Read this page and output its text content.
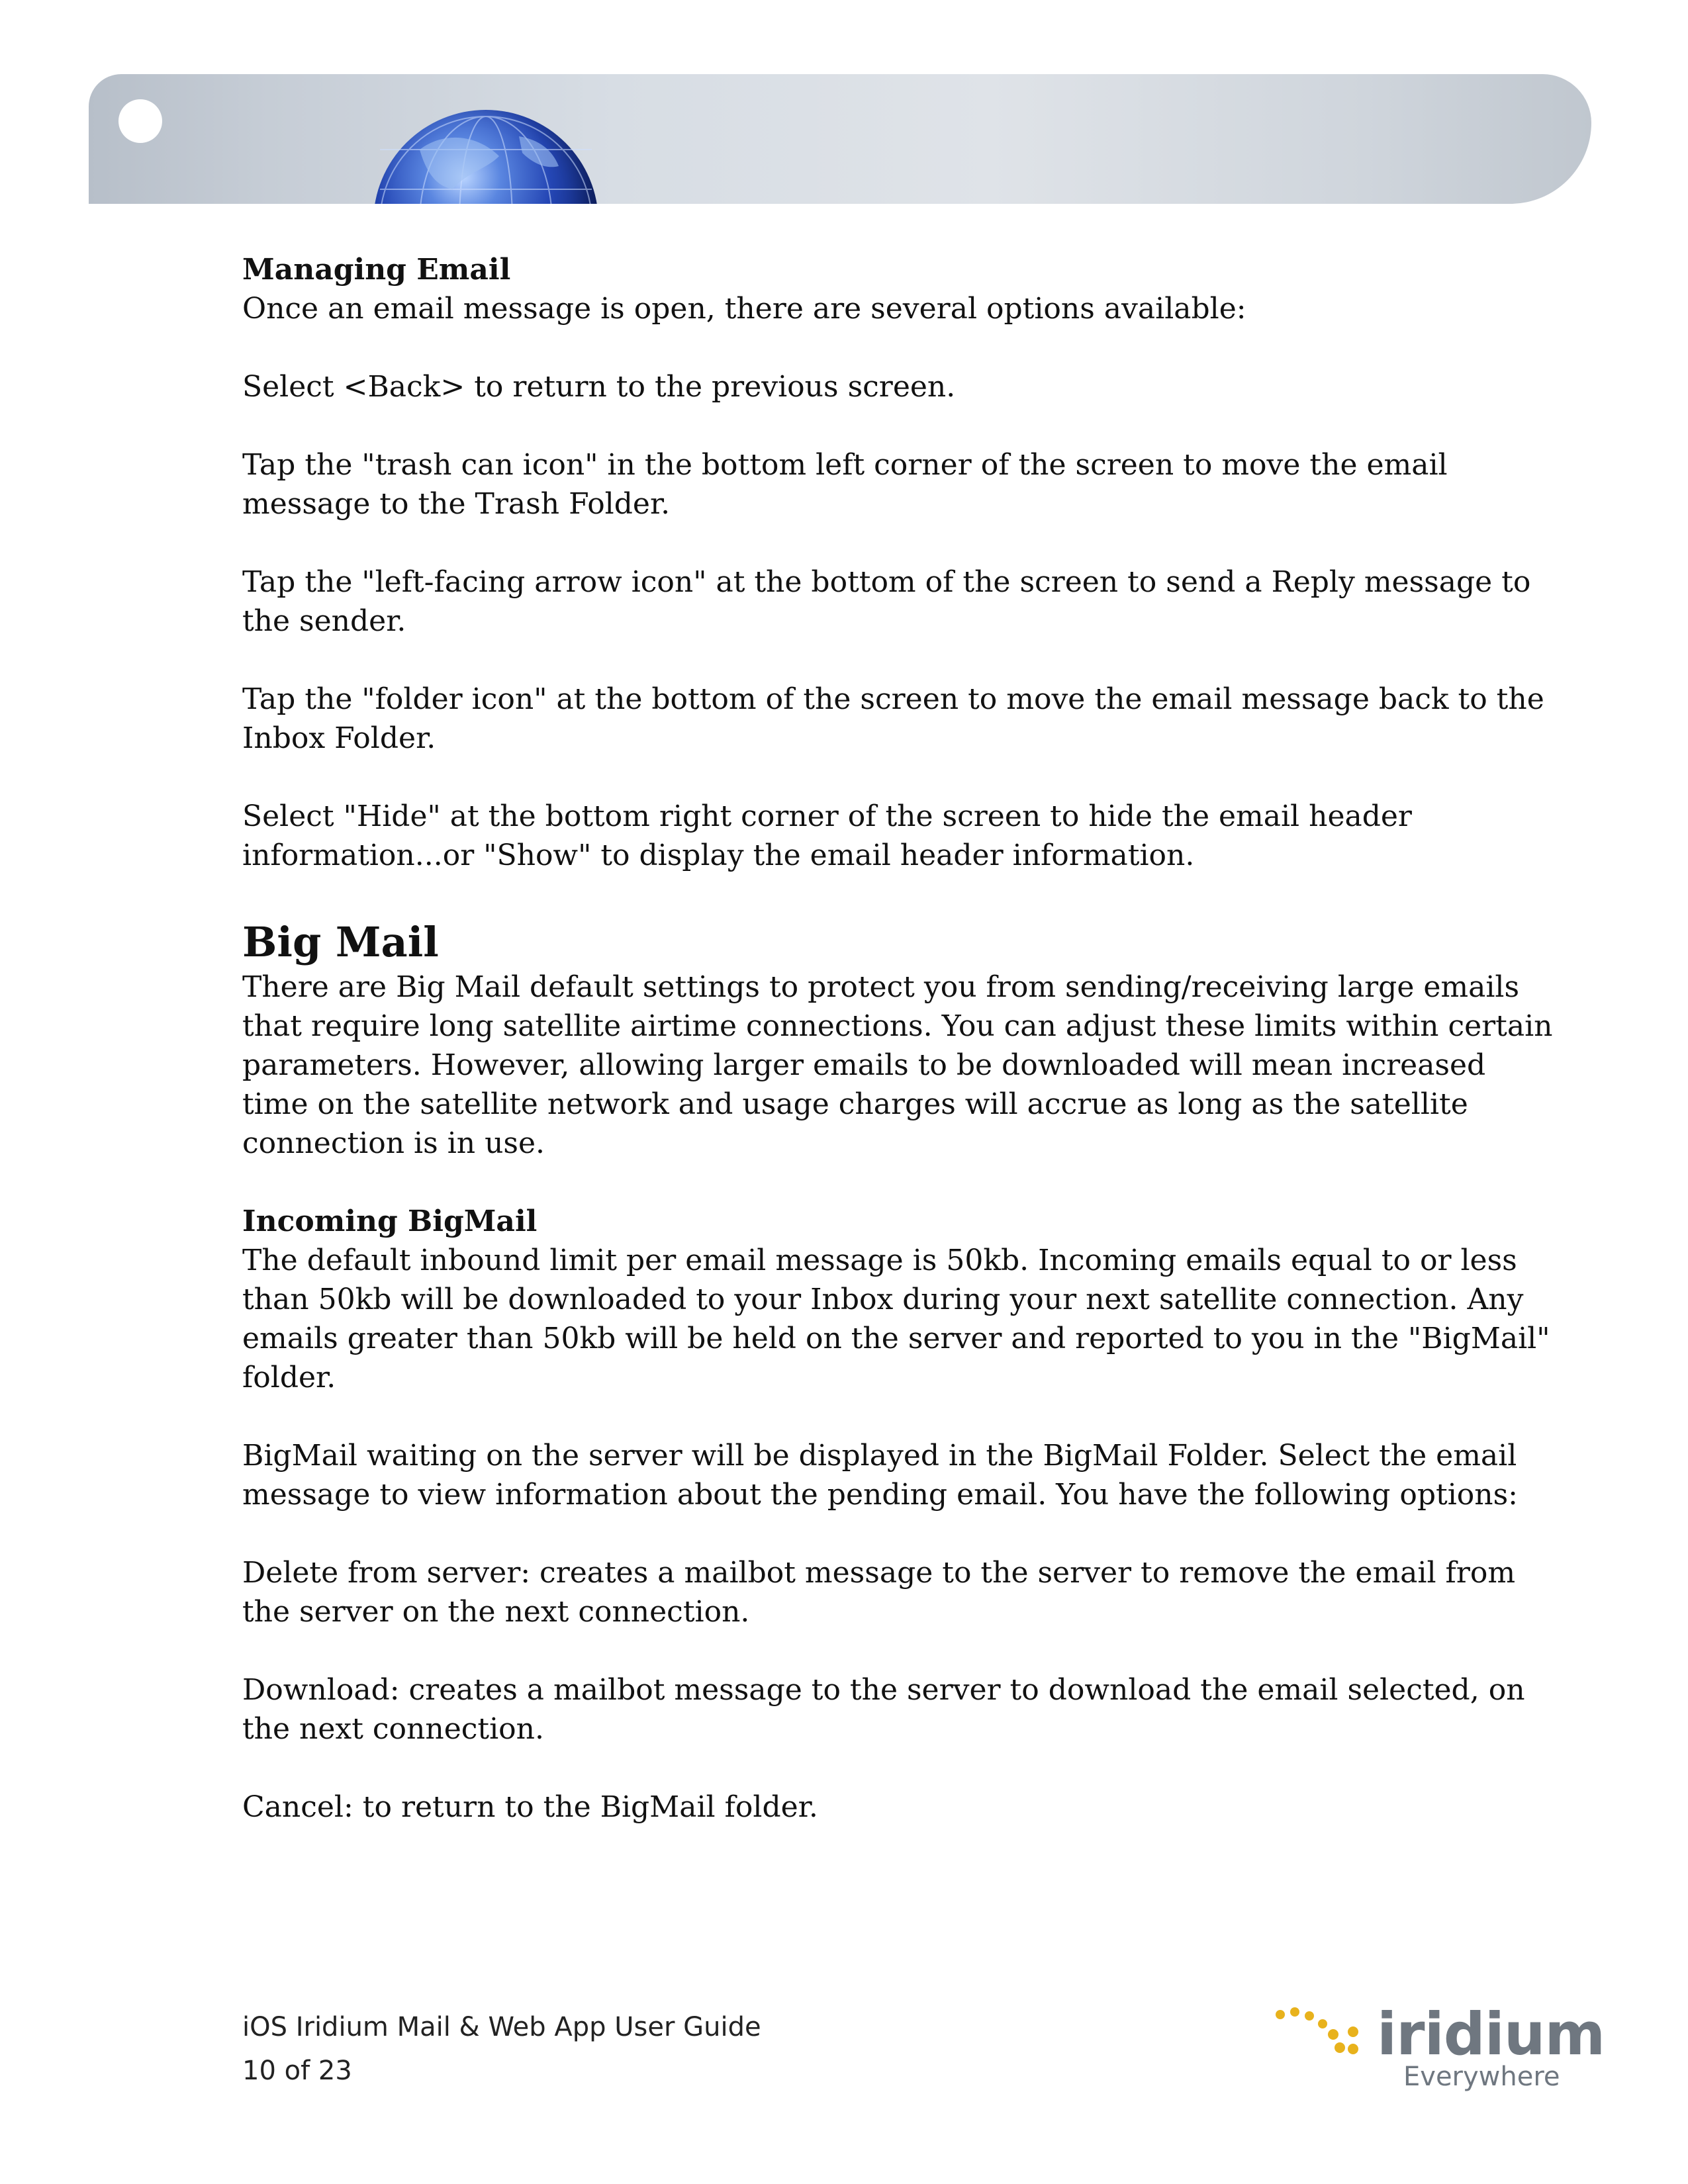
Managing Email

Once an email message is open, there are several options available:

Select <Back> to return to the previous screen.

Tap the "trash can icon" in the bottom left corner of the screen to move the email message to the Trash Folder.

Tap the "left-facing arrow icon" at the bottom of the screen to send a Reply message to the sender.

Tap the "folder icon" at the bottom of the screen to move the email message back to the Inbox Folder.

Select "Hide" at the bottom right corner of the screen to hide the email header information...or "Show" to display the email header information.

Big Mail

There are Big Mail default settings to protect you from sending/receiving large emails that require long satellite airtime connections. You can adjust these limits within certain parameters. However, allowing larger emails to be downloaded will mean increased time on the satellite network and usage charges will accrue as long as the satellite connection is in use.

Incoming BigMail

The default inbound limit per email message is 50kb. Incoming emails equal to or less than 50kb will be downloaded to your Inbox during your next satellite connection. Any emails greater than 50kb will be held on the server and reported to you in the "BigMail" folder.

BigMail waiting on the server will be displayed in the BigMail Folder. Select the email message to view information about the pending email. You have the following options:

Delete from server: creates a mailbot message to the server to remove the email from the server on the next connection.

Download: creates a mailbot message to the server to download the email selected, on the next connection.

Cancel: to return to the BigMail folder.

iOS Iridium Mail & Web App User Guide
10 of 23
iridium
Everywhere
